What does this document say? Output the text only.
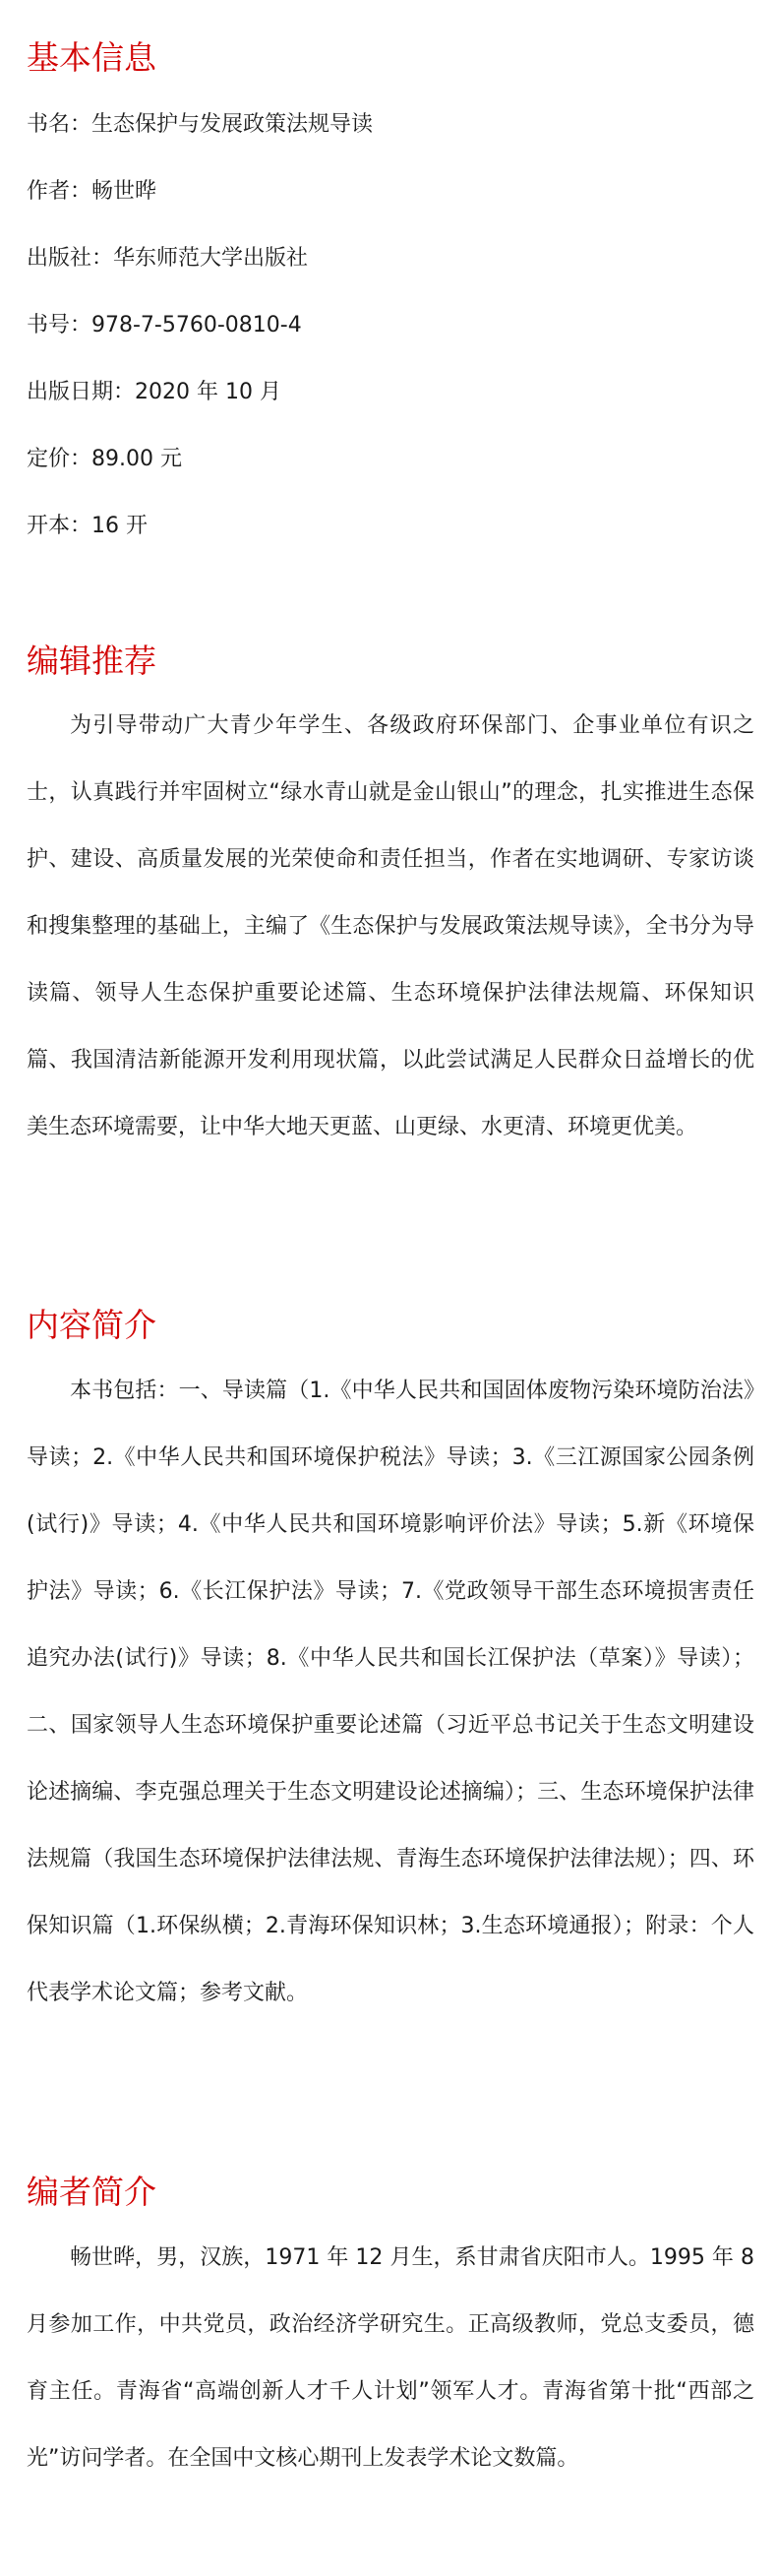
基本信息
书名：生态保护与发展政策法规导读
作者：畅世晔
出版社：华东师范大学出版社
书号：978-7-5760-0810-4
出版日期：2020 年 10 月
定价：89.00 元
开本：16 开
编辑推荐

为引导带动广大青少年学生、各级政府环保部门、企事业单位有识之士，认真践行并牢固树立“绿水青山就是金山银山”的理念，扎实推进生态保护、建设、高质量发展的光荣使命和责任担当，作者在实地调研、专家访谈和搜集整理的基础上，主编了《生态保护与发展政策法规导读》，全书分为导读篇、领导人生态保护重要论述篇、生态环境保护法律法规篇、环保知识篇、我国清洁新能源开发利用现状篇，以此尝试满足人民群众日益增长的优美生态环境需要，让中华大地天更蓝、山更绿、水更清、环境更优美。

内容简介

本书包括：一、导读篇（1.《中华人民共和国固体废物污染环境防治法》导读；2.《中华人民共和国环境保护税法》导读；3.《三江源国家公园条例(试行)》导读；4.《中华人民共和国环境影响评价法》导读；5.新《环境保护法》导读；6.《长江保护法》导读；7.《党政领导干部生态环境损害责任追究办法(试行)》导读；8.《中华人民共和国长江保护法（草案）》导读）；二、国家领导人生态环境保护重要论述篇（习近平总书记关于生态文明建设论述摘编、李克强总理关于生态文明建设论述摘编）；三、生态环境保护法律法规篇（我国生态环境保护法律法规、青海生态环境保护法律法规）；四、环保知识篇（1.环保纵横；2.青海环保知识林；3.生态环境通报）；附录：个人代表学术论文篇；参考文献。

编者简介

畅世晔，男，汉族，1971 年 12 月生，系甘肃省庆阳市人。1995 年 8 月参加工作，中共党员，政治经济学研究生。正高级教师，党总支委员，德育主任。青海省“高端创新人才千人计划”领军人才。青海省第十批“西部之光”访问学者。在全国中文核心期刊上发表学术论文数篇。
